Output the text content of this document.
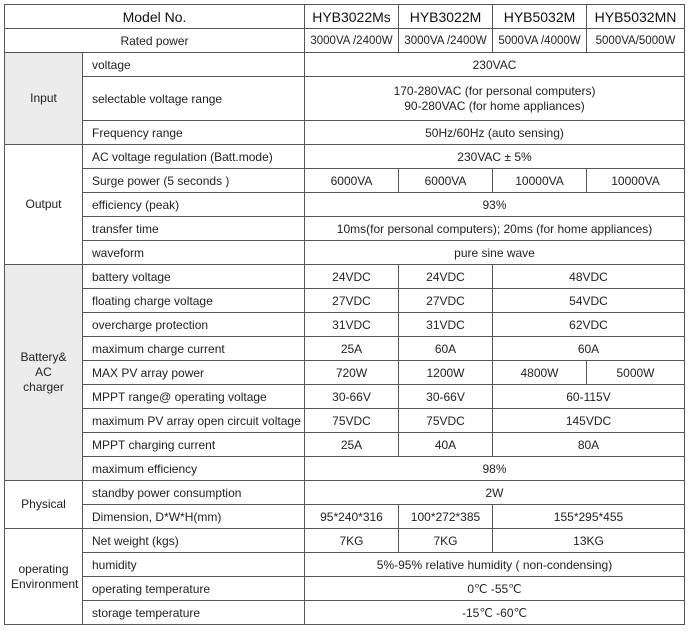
Model No.		HYB3022Ms	HYB3022M	HYB5032M	HYB5032MN
Rated power		3000VA /2400W	3000VA /2400W	5000VA /4000W	5000VA/5000W
Input	voltage	230VAC			
	selectable voltage range	170-280VAC (for personal computers)
90-280VAC (for home appliances)			
	Frequency range	50Hz/60Hz (auto sensing)			
Output	AC voltage regulation (Batt.mode)	230VAC ± 5%			
	Surge power (5 seconds )	6000VA	6000VA	10000VA	10000VA
	efficiency (peak)	93%			
	transfer time	10ms(for personal computers); 20ms (for home appliances)			
	waveform	pure sine wave			
Battery&
AC
charger	battery voltage	24VDC	24VDC	48VDC	
	floating charge voltage	27VDC	27VDC	54VDC	
	overcharge protection	31VDC	31VDC	62VDC	
	maximum charge current	25A	60A	60A	
	MAX PV array power	720W	1200W	4800W	5000W
	MPPT range@ operating voltage	30-66V	30-66V	60-115V	
	maximum PV array open circuit voltage	75VDC	75VDC	145VDC	
	MPPT charging current	25A	40A	80A	
	maximum efficiency	98%			
Physical	standby power consumption	2W			
	Dimension, D*W*H(mm)	95*240*316	100*272*385	155*295*455	
operating
Environment	Net weight (kgs)	7KG	7KG	13KG	
	humidity	5%-95% relative humidity ( non-condensing)			
	operating temperature	0℃ -55℃			
	storage temperature	-15℃ -60℃			
